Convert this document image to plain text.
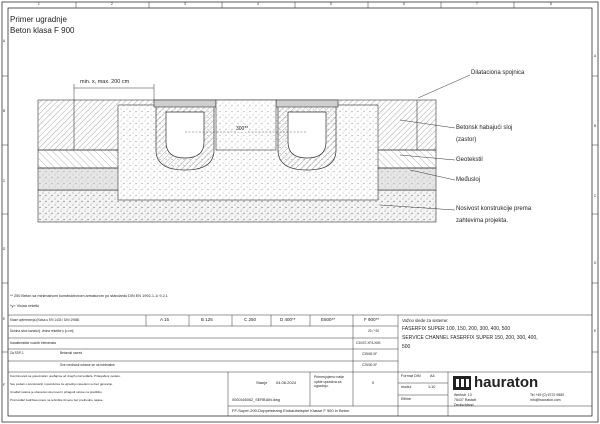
1	2	3	4	5	6	7	8
A
B
C
D
E
F
A
B
C
D
E
Primer ugradnje
Beton klasa F 900
min. x, max. 200 cm
300**
Dilataciona spojnica
Betonsk habajući sloj
(zastor)
Geotekstil
Međusloj
Nosivost konstrukcije prema
zahtevima projekta.
** 250 Beton sa minimalnom konstruktivnom armaturom po standardu DIN EN 1992-1-1/ 9.2.1
*y= Visina rešetki
Klase opterećenja (Klasa u EN 1433 / DIN 19580	A 15	B 125	C 250	D 400**	E600**	F 900**
Dubina ivice kanala tj. visina rešetke y [u cm]	20 / *20
Karakteristike nosivih elemenata	C30/37-XF4-XM1
Za SSP-1	Betonski razred	C35/45 XF
Sve vrednosti odnose se na minimalne	C25/30 XF
Važno slede za sisteme:
FASERFIX SUPER 100, 150, 200, 300, 400, 500
SERVICE CHANNEL FASERFIX SUPER 150, 200, 300, 400,
500
Kombinovani sa gotovinskim uređajima od drugih proizvođača. Prilagođeni modelu.
Sve podaci o konstrukciji i uputstvima za ugradnju navedeni su bez garancije.
Izvođač radova je obavezan da proveri i prilagodi uslove na gradilištu.
Proizvođač zadržava pravo na tehničke izmene bez prethodne najave.
Stanje 04.06.2024
Primenjujemo naše opšte uputstva za ugradnju.
0
0000165062_SERBIAN.dwg
FF-Super-200-Doppelstrang Einbaubeispiel Klasse F 900 in Beton
Format DIN A4
modul	1:10
Ellline
hauraton
Werkstr. 13
76437 Rastatt
Deutschland
Tel +49 (0) 6722 9580
info@hauraton.com
